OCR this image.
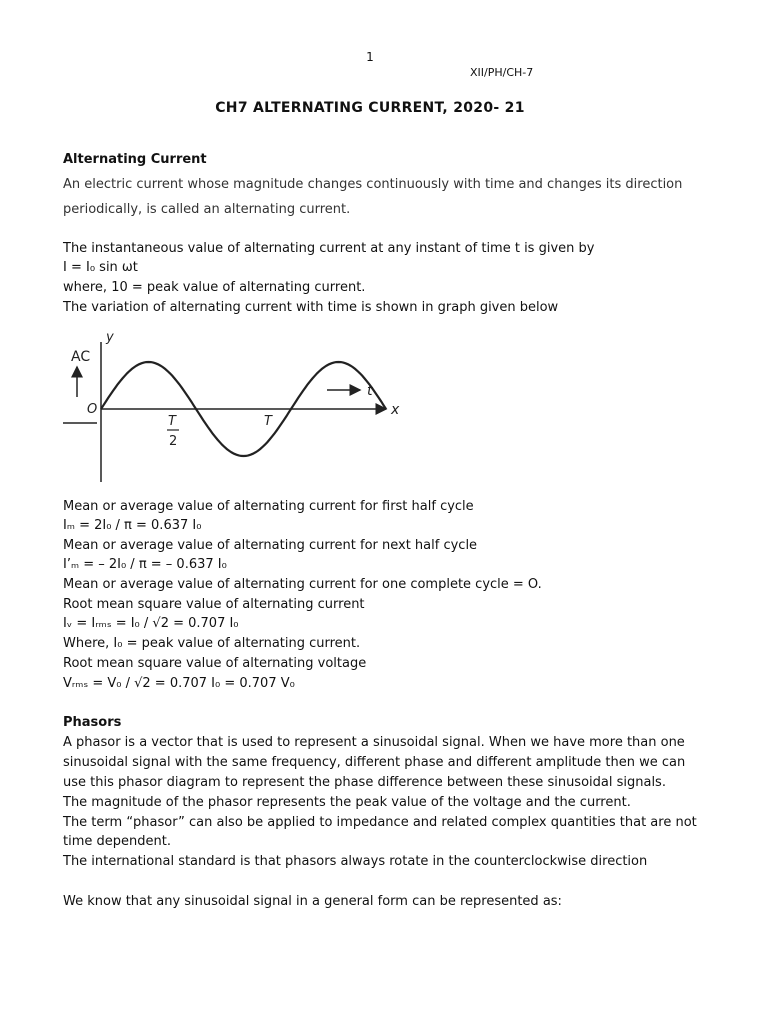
1
XII/PH/CH-7
CH7 ALTERNATING CURRENT, 2020- 21
Alternating Current
An electric current whose magnitude changes continuously with time and changes its direction
periodically, is called an alternating current.
The instantaneous value of alternating current at any instant of time t is given by
I = I₀ sin ωt
where, 10 = peak value of alternating current.
The variation of alternating current with time is shown in graph given below
y
AC
x
O
T
2
T
t
Mean or average value of alternating current for first half cycle
Iₘ = 2I₀ / π = 0.637 I₀
Mean or average value of alternating current for next half cycle
I’ₘ = – 2I₀ / π = – 0.637 I₀
Mean or average value of alternating current for one complete cycle = O.
Root mean square value of alternating current
Iᵥ = Iᵣₘₛ = I₀ / √2 = 0.707 I₀
Where, I₀ = peak value of alternating current.
Root mean square value of alternating voltage
Vᵣₘₛ = V₀ / √2 = 0.707 I₀ = 0.707 V₀
Phasors
A phasor is a vector that is used to represent a sinusoidal signal. When we have more than one
sinusoidal signal with the same frequency, different phase and different amplitude then we can
use this phasor diagram to represent the phase difference between these sinusoidal signals.
The magnitude of the phasor represents the peak value of the voltage and the current.
The term “phasor” can also be applied to impedance and related complex quantities that are not
time dependent.
The international standard is that phasors always rotate in the counterclockwise direction
We know that any sinusoidal signal in a general form can be represented as:
